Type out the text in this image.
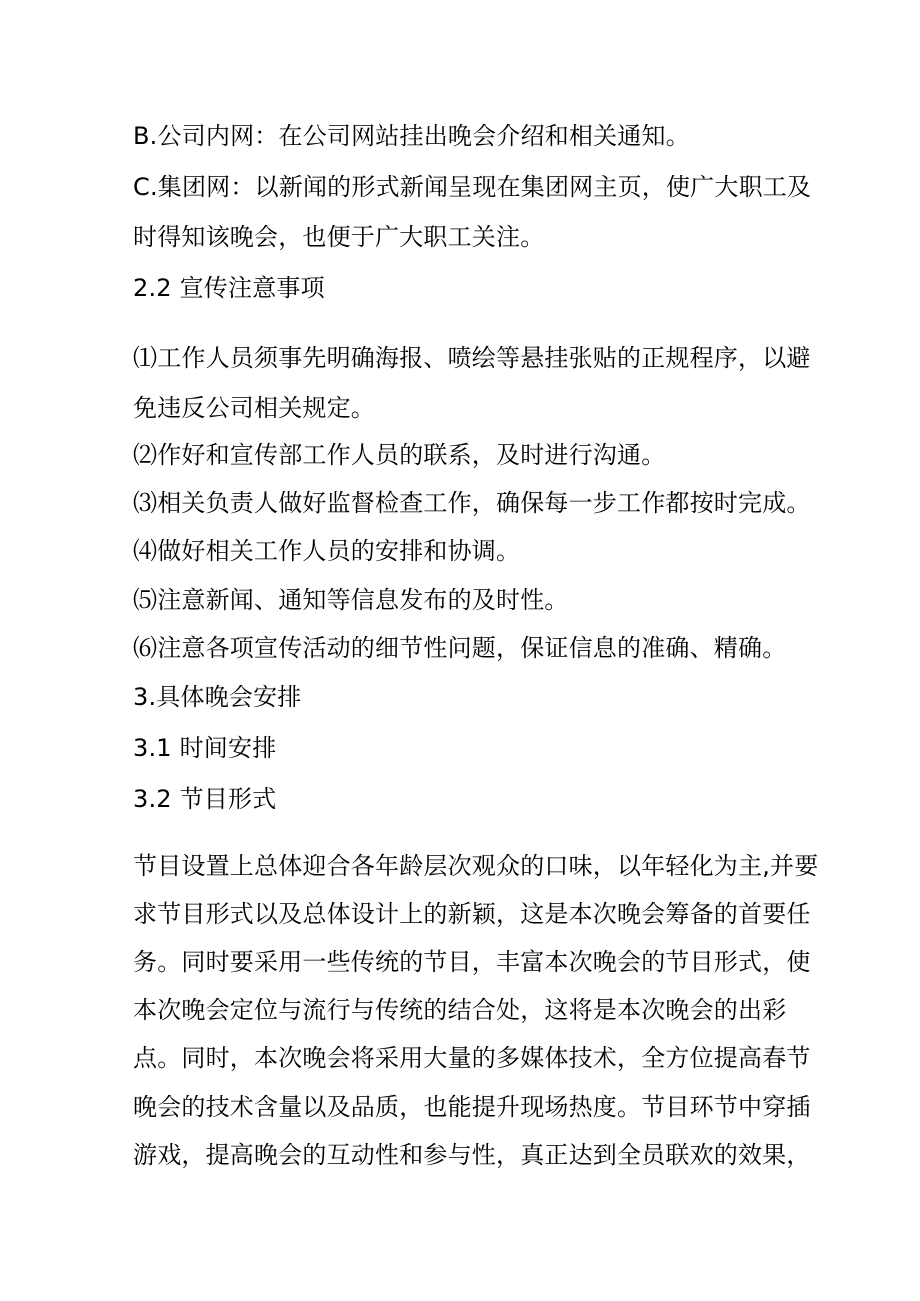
B.公司内网：在公司网站挂出晚会介绍和相关通知。
C.集团网：以新闻的形式新闻呈现在集团网主页，使广大职工及
时得知该晚会，也便于广大职工关注。
2.2 宣传注意事项
⑴工作人员须事先明确海报、喷绘等悬挂张贴的正规程序，以避
免违反公司相关规定。
⑵作好和宣传部工作人员的联系，及时进行沟通。
⑶相关负责人做好监督检查工作，确保每一步工作都按时完成。
⑷做好相关工作人员的安排和协调。
⑸注意新闻、通知等信息发布的及时性。
⑹注意各项宣传活动的细节性问题，保证信息的准确、精确。
3.具体晚会安排
3.1 时间安排
3.2 节目形式
节目设置上总体迎合各年龄层次观众的口味，以年轻化为主,并要
求节目形式以及总体设计上的新颖，这是本次晚会筹备的首要任
务。同时要采用一些传统的节目，丰富本次晚会的节目形式，使
本次晚会定位与流行与传统的结合处，这将是本次晚会的出彩
点。同时，本次晚会将采用大量的多媒体技术，全方位提高春节
晚会的技术含量以及品质，也能提升现场热度。节目环节中穿插
游戏，提高晚会的互动性和参与性，真正达到全员联欢的效果，
